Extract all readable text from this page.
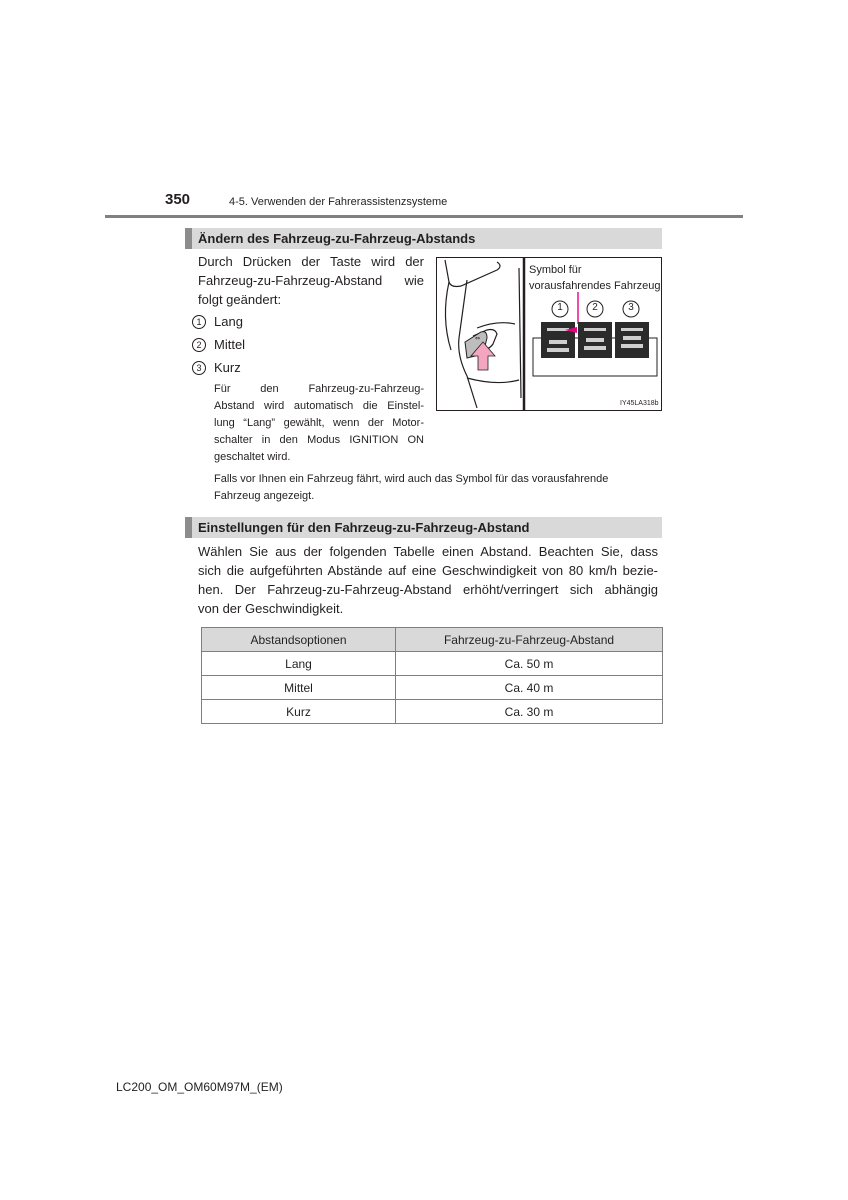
350	4-5. Verwenden der Fahrerassistenzsysteme
Ändern des Fahrzeug-zu-Fahrzeug-Abstands
Durch Drücken der Taste wird der
Fahrzeug-zu-Fahrzeug-Abstand wie
folgt geändert:
1 Lang
2 Mittel
3 Kurz
Für den Fahrzeug-zu-Fahrzeug-
Abstand wird automatisch die Einstel-
lung “Lang” gewählt, wenn der Motor-
schalter in den Modus IGNITION ON
geschaltet wird.
Falls vor Ihnen ein Fahrzeug fährt, wird auch das Symbol für das vorausfahrende
Fahrzeug angezeigt.
⇔
Symbol für
vorausfahrendes Fahrzeug
1	2	3
IY45LA318b
Einstellungen für den Fahrzeug-zu-Fahrzeug-Abstand
Wählen Sie aus der folgenden Tabelle einen Abstand. Beachten Sie, dass
sich die aufgeführten Abstände auf eine Geschwindigkeit von 80 km/h bezie-
hen. Der Fahrzeug-zu-Fahrzeug-Abstand erhöht/verringert sich abhängig
von der Geschwindigkeit.
Abstandsoptionen	Fahrzeug-zu-Fahrzeug-Abstand
Lang	Ca. 50 m
Mittel	Ca. 40 m
Kurz	Ca. 30 m
LC200_OM_OM60M97M_(EM)
